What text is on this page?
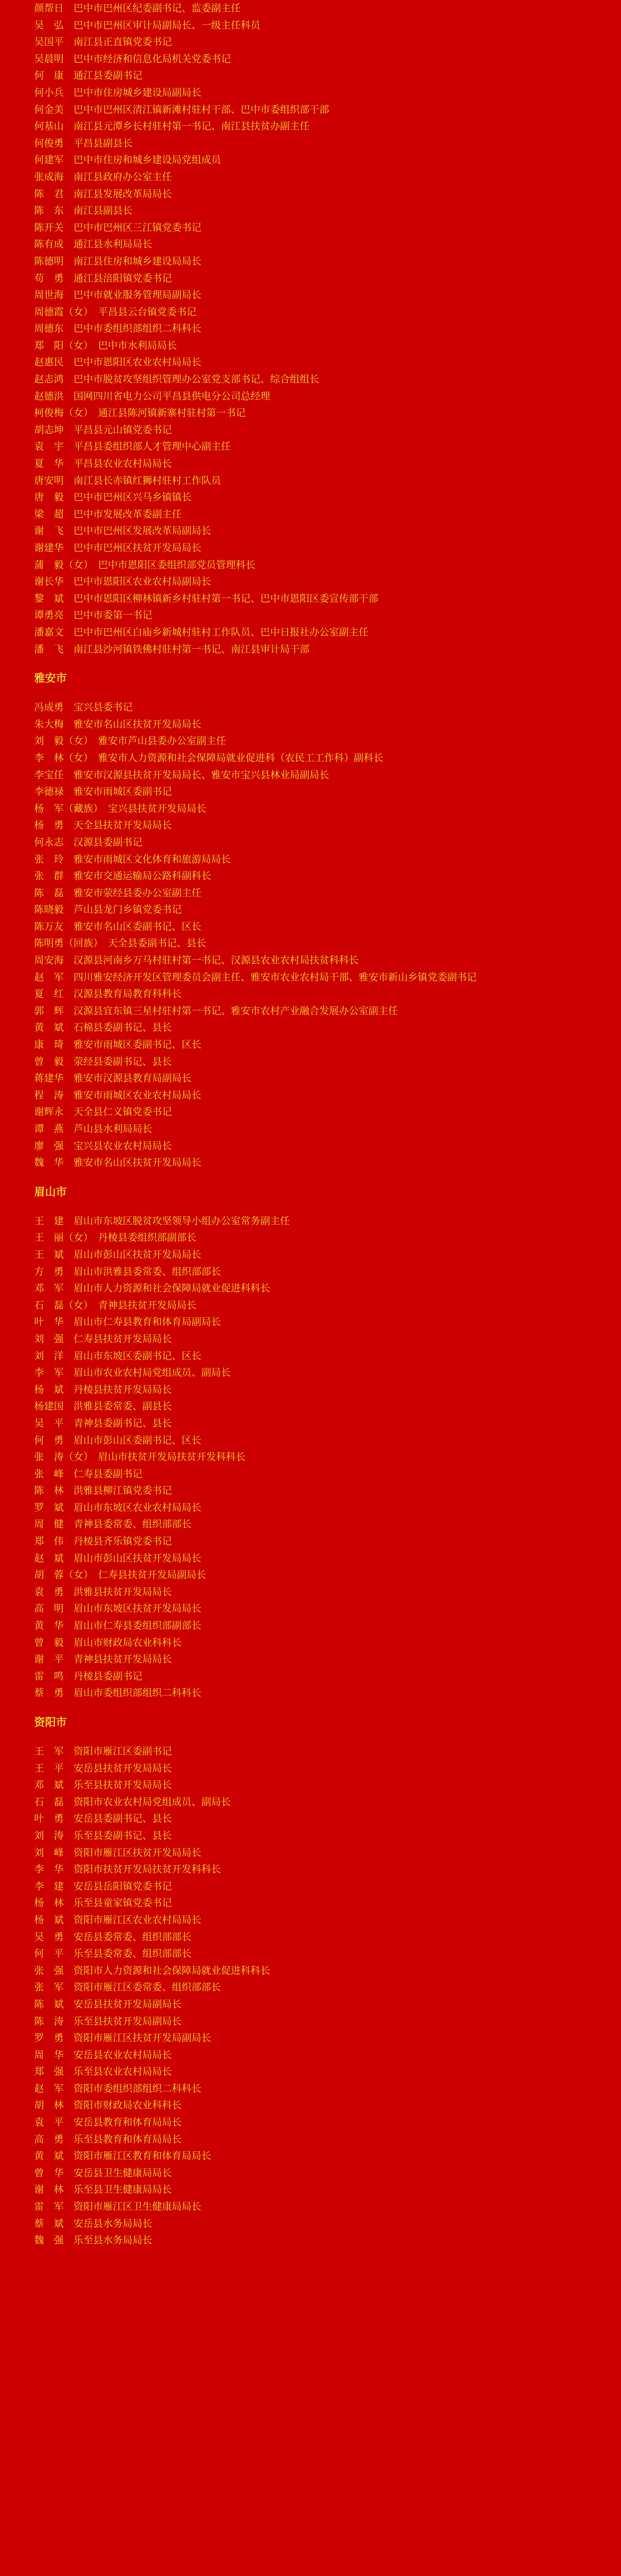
颜帮日　巴中市巴州区纪委副书记、监委副主任
吴　弘　巴中市巴州区审计局副局长、一级主任科员
吴国平　南江县正直镇党委书记
吴晨明　巴中市经济和信息化局机关党委书记
何　康　通江县委副书记
何小兵　巴中市住房城乡建设局副局长
何金美　巴中市巴州区清江镇新滩村驻村干部、巴中市委组织部干部
何基山　南江县元潭乡长村驻村第一书记、南江县扶贫办副主任
何俊勇　平昌县副县长
何建军　巴中市住房和城乡建设局党组成员
张成海　南江县政府办公室主任
陈　君　南江县发展改革局局长
陈　东　南江县副县长
陈开关　巴中市巴州区三江镇党委书记
陈有成　通江县水利局局长
陈德明　南江县住房和城乡建设局局长
苟　勇　通江县涪阳镇党委书记
周世海　巴中市就业服务管理局副局长
周德霞（女）　平昌县云台镇党委书记
周德东　巴中市委组织部组织二科科长
郑　阳（女）　巴中市水利局局长
赵惠民　巴中市恩阳区农业农村局局长
赵志鸿　巴中市脱贫攻坚组织管理办公室党支部书记、综合组组长
赵德洪　国网四川省电力公司平昌县供电分公司总经理
柯俊梅（女）　通江县陈河镇新寨村驻村第一书记
胡志坤　平昌县元山镇党委书记
袁　宇　平昌县委组织部人才管理中心副主任
夏　华　平昌县农业农村局局长
唐安明　南江县长赤镇红狮村驻村工作队员
唐　毅　巴中市巴州区兴马乡镇镇长
梁　超　巴中市发展改革委副主任
谢　飞　巴中市巴州区发展改革局副局长
谢建华　巴中市巴州区扶贫开发局局长
蒲　毅（女）　巴中市恩阳区委组织部党员管理科长
谢长华　巴中市恩阳区农业农村局副局长
黎　斌　巴中市恩阳区柳林镇新乡村驻村第一书记、巴中市恩阳区委宣传部干部
谭勇亮　巴中市委第一书记
潘嘉文　巴中市巴州区白庙乡新城村驻村工作队员、巴中日报社办公室副主任
潘　飞　南江县沙河镇铁佛村驻村第一书记、南江县审计局干部
雅安市
冯成勇　宝兴县委书记
朱大梅　雅安市名山区扶贫开发局局长
刘　毅（女）　雅安市芦山县委办公室副主任
李　林（女）　雅安市人力资源和社会保障局就业促进科（农民工工作科）副科长
李宝任　雅安市汉源县扶贫开发局局长、雅安市宝兴县林业局副局长
李德禄　雅安市雨城区委副书记
杨　军（藏族）　宝兴县扶贫开发局局长
杨　勇　天全县扶贫开发局局长
何永志　汉源县委副书记
张　玲　雅安市雨城区文化体育和旅游局局长
张　群　雅安市交通运输局公路科副科长
陈　磊　雅安市荥经县委办公室副主任
陈晓毅　芦山县龙门乡镇党委书记
陈万友　雅安市名山区委副书记、区长
陈明勇（回族）　天全县委副书记、县长
周安海　汉源县河南乡万马村驻村第一书记、汉源县农业农村局扶贫科科长
赵　军　四川雅安经济开发区管理委员会副主任、雅安市农业农村局干部、雅安市新山乡镇党委副书记
夏　红　汉源县教育局教育科科长
郭　辉　汉源县宜东镇三星村驻村第一书记、雅安市农村产业融合发展办公室副主任
黄　斌　石棉县委副书记、县长
康　琦　雅安市雨城区委副书记、区长
曾　毅　荥经县委副书记、县长
蒋建华　雅安市汉源县教育局副局长
程　涛　雅安市雨城区农业农村局局长
谢辉永　天全县仁义镇党委书记
谭　燕　芦山县水利局局长
廖　强　宝兴县农业农村局局长
魏　华　雅安市名山区扶贫开发局局长
眉山市
王　建　眉山市东坡区脱贫攻坚领导小组办公室常务副主任
王　丽（女）　丹棱县委组织部副部长
王　斌　眉山市彭山区扶贫开发局局长
方　勇　眉山市洪雅县委常委、组织部部长
邓　军　眉山市人力资源和社会保障局就业促进科科长
石　磊（女）　青神县扶贫开发局局长
叶　华　眉山市仁寿县教育和体育局副局长
刘　强　仁寿县扶贫开发局局长
刘　洋　眉山市东坡区委副书记、区长
李　军　眉山市农业农村局党组成员、副局长
杨　斌　丹棱县扶贫开发局局长
杨建国　洪雅县委常委、副县长
吴　平　青神县委副书记、县长
何　勇　眉山市彭山区委副书记、区长
张　涛（女）　眉山市扶贫开发局扶贫开发科科长
张　峰　仁寿县委副书记
陈　林　洪雅县柳江镇党委书记
罗　斌　眉山市东坡区农业农村局局长
周　健　青神县委常委、组织部部长
郑　伟　丹棱县齐乐镇党委书记
赵　斌　眉山市彭山区扶贫开发局局长
胡　蓉（女）　仁寿县扶贫开发局副局长
袁　勇　洪雅县扶贫开发局局长
高　明　眉山市东坡区扶贫开发局局长
黄　华　眉山市仁寿县委组织部副部长
曾　毅　眉山市财政局农业科科长
谢　平　青神县扶贫开发局局长
雷　鸣　丹棱县委副书记
蔡　勇　眉山市委组织部组织二科科长
资阳市
王　军　资阳市雁江区委副书记
王　平　安岳县扶贫开发局局长
邓　斌　乐至县扶贫开发局局长
石　磊　资阳市农业农村局党组成员、副局长
叶　勇　安岳县委副书记、县长
刘　涛　乐至县委副书记、县长
刘　峰　资阳市雁江区扶贫开发局局长
李　华　资阳市扶贫开发局扶贫开发科科长
李　建　安岳县岳阳镇党委书记
杨　林　乐至县童家镇党委书记
杨　斌　资阳市雁江区农业农村局局长
吴　勇　安岳县委常委、组织部部长
何　平　乐至县委常委、组织部部长
张　强　资阳市人力资源和社会保障局就业促进科科长
张　军　资阳市雁江区委常委、组织部部长
陈　斌　安岳县扶贫开发局副局长
陈　涛　乐至县扶贫开发局副局长
罗　勇　资阳市雁江区扶贫开发局副局长
周　华　安岳县农业农村局局长
郑　强　乐至县农业农村局局长
赵　军　资阳市委组织部组织二科科长
胡　林　资阳市财政局农业科科长
袁　平　安岳县教育和体育局局长
高　勇　乐至县教育和体育局局长
黄　斌　资阳市雁江区教育和体育局局长
曾　华　安岳县卫生健康局局长
谢　林　乐至县卫生健康局局长
雷　军　资阳市雁江区卫生健康局局长
蔡　斌　安岳县水务局局长
魏　强　乐至县水务局局长
